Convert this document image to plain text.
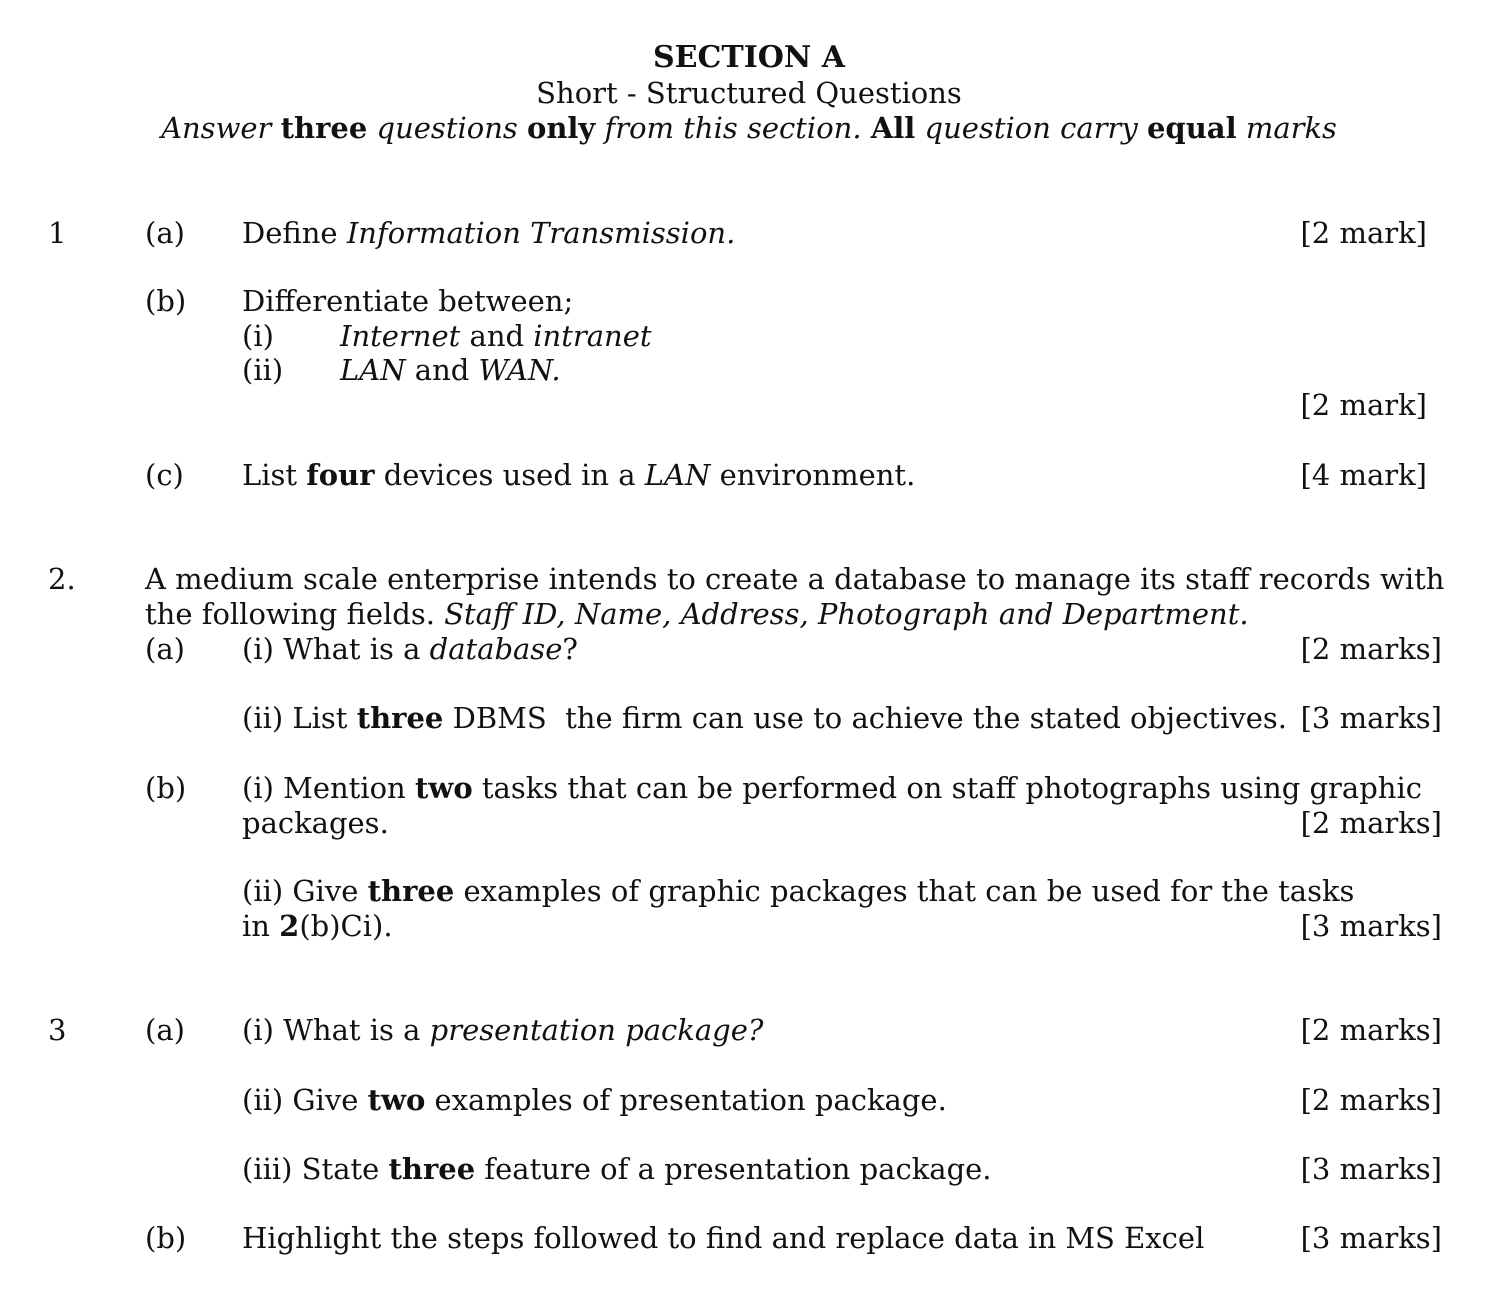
SECTION A
Short - Structured Questions
Answer three questions only from this section. All question carry equal marks
1	(a) Define Information Transmission.	[2 mark]
(b) Differentiate between;
(i) Internet and intranet
(ii) LAN and WAN.
[2 mark]
(c) List four devices used in a LAN environment.	[4 mark]
2. A medium scale enterprise intends to create a database to manage its staff records with
the following fields. Staff ID, Name, Address, Photograph and Department.
(a) (i) What is a database?	[2 marks]
(ii) List three DBMS  the firm can use to achieve the stated objectives. [3 marks]
(b) (i) Mention two tasks that can be performed on staff photographs using graphic
packages.	[2 marks]
(ii) Give three examples of graphic packages that can be used for the tasks
in 2(b)Ci).	[3 marks]
3	(a) (i) What is a presentation package?	[2 marks]
(ii) Give two examples of presentation package.	[2 marks]
(iii) State three feature of a presentation package.	[3 marks]
(b) Highlight the steps followed to find and replace data in MS Excel	[3 marks]
